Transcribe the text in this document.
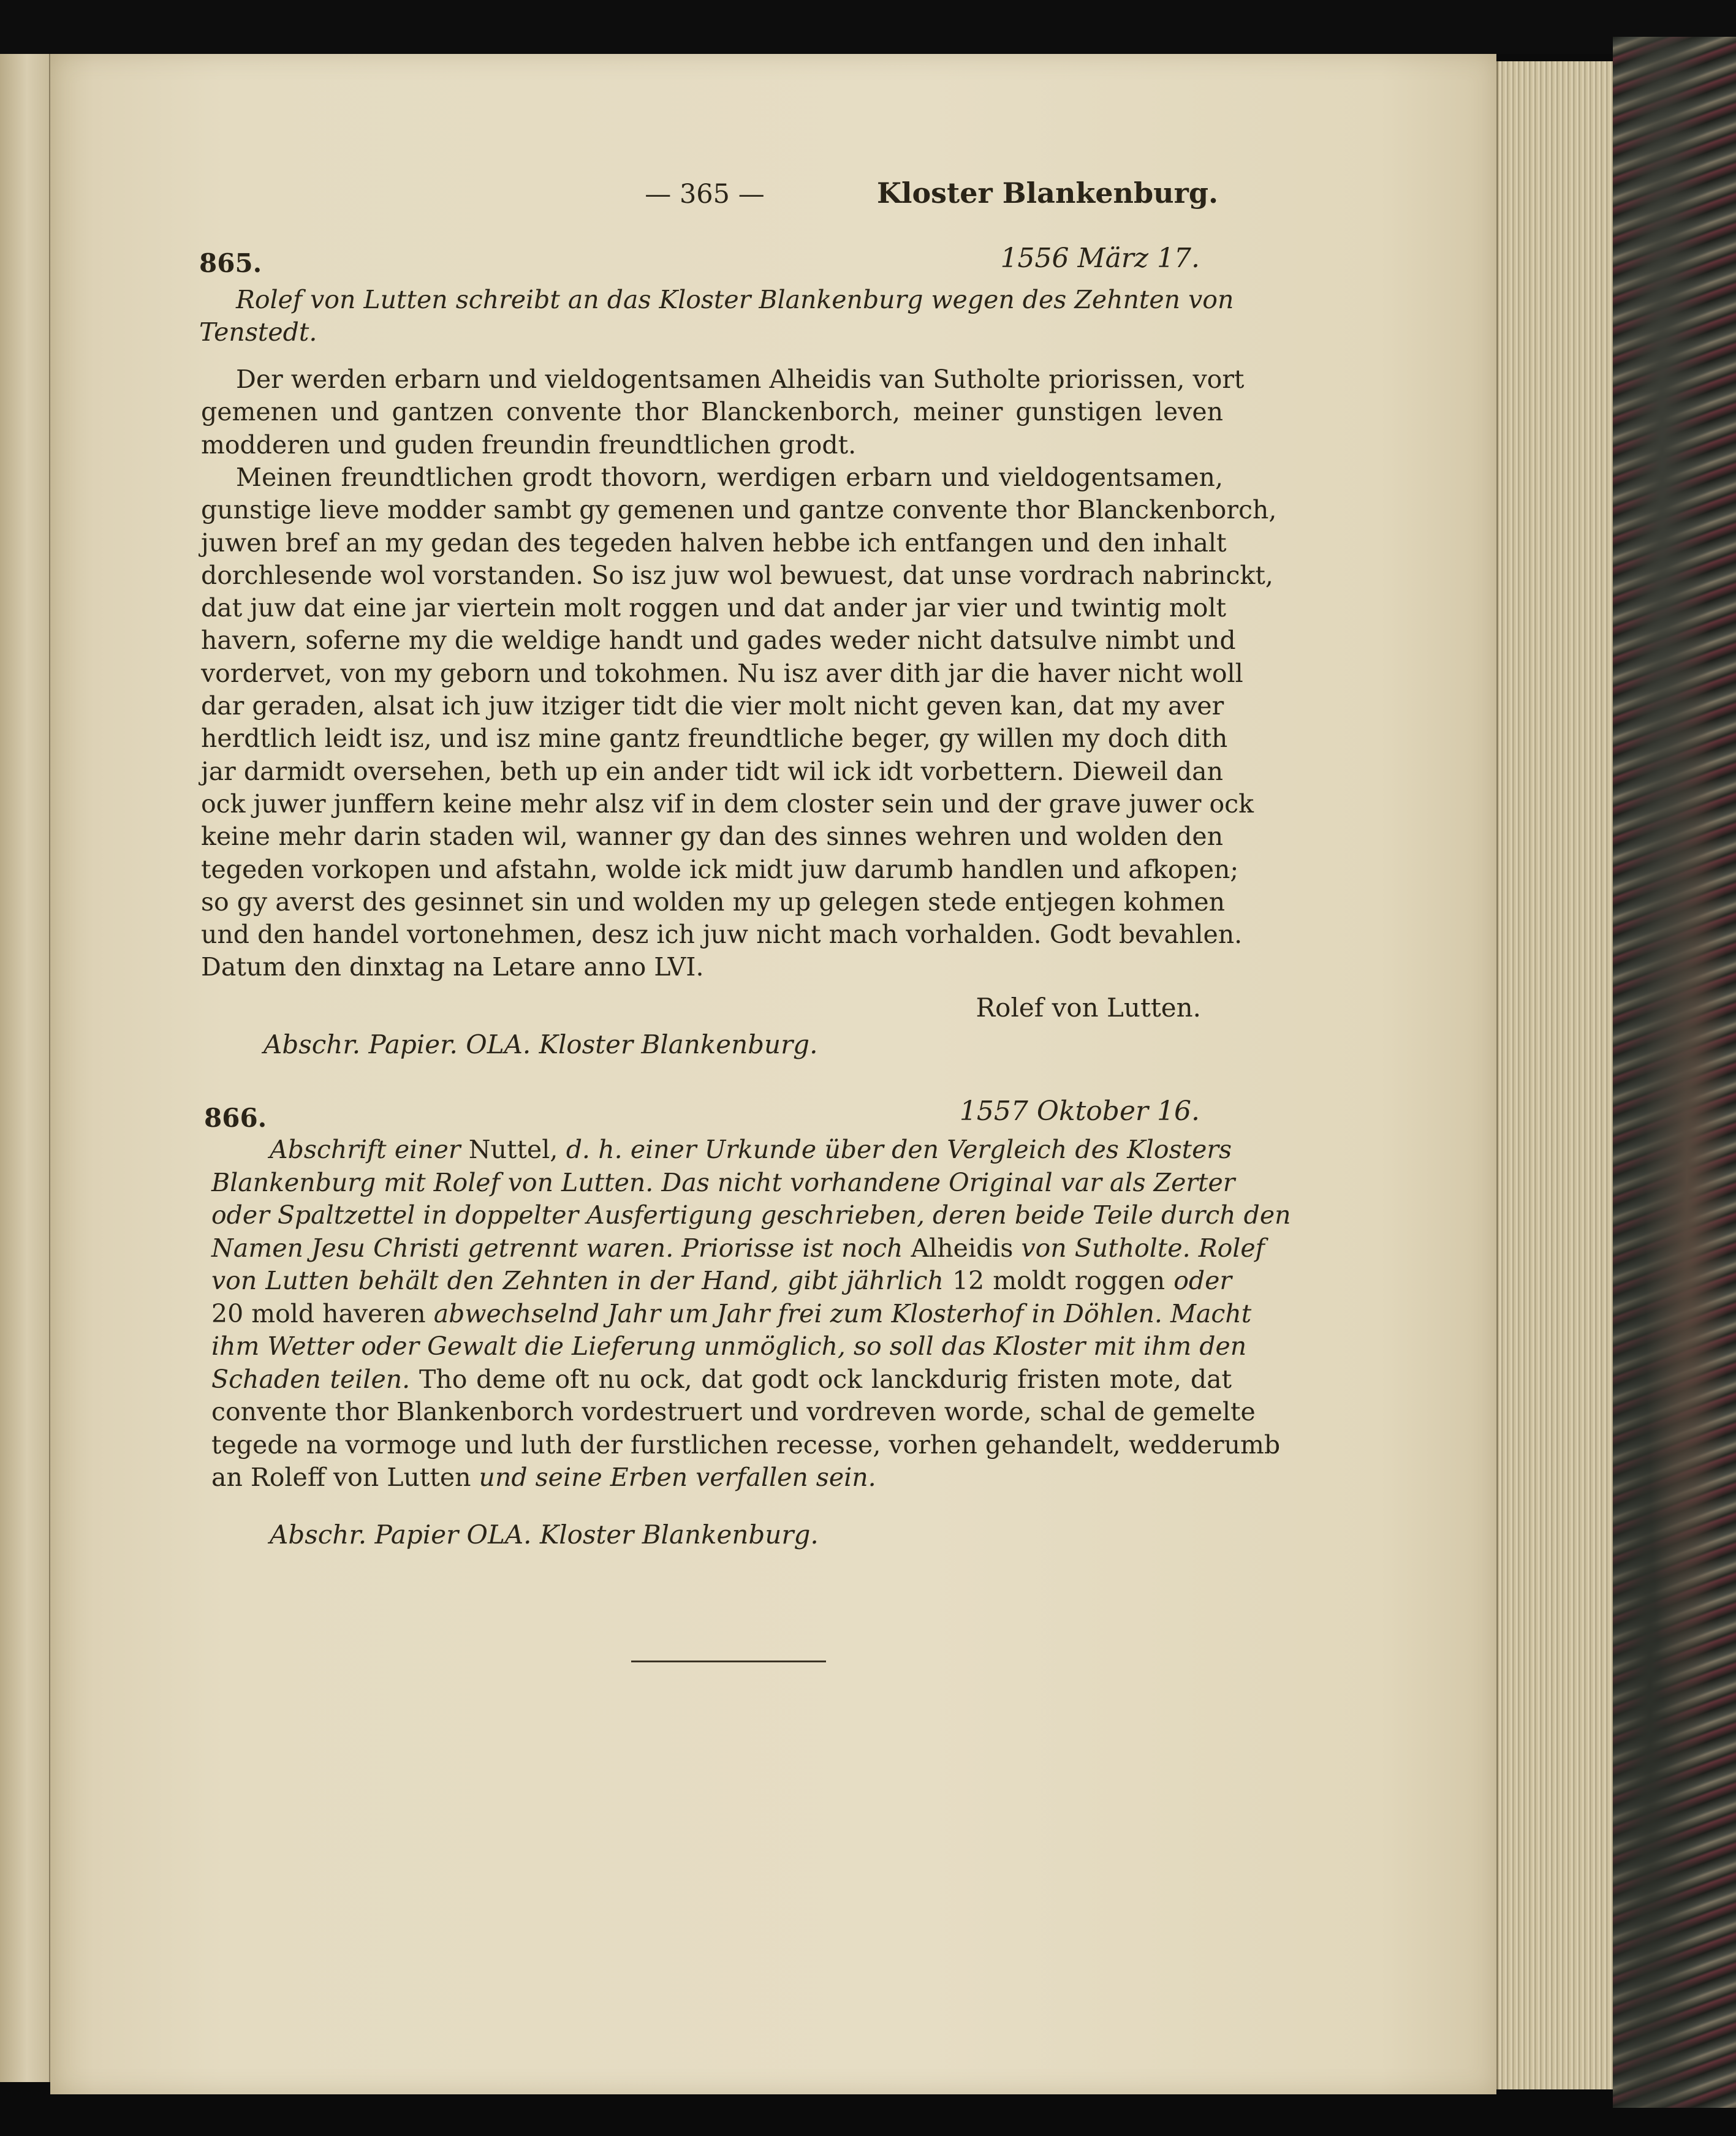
— 365 —	Kloster Blankenburg.
865.	1556 März 17.
Rolef von Lutten schreibt an das Kloster Blankenburg wegen des Zehnten von
Tenstedt.
Der werden erbarn und vieldogentsamen Alheidis van Sutholte priorissen, vort
gemenen und gantzen convente thor Blanckenborch, meiner gunstigen leven
modderen und guden freundin freundtlichen grodt.
Meinen freundtlichen grodt thovorn, werdigen erbarn und vieldogentsamen,
gunstige lieve modder sambt gy gemenen und gantze convente thor Blanckenborch,
juwen bref an my gedan des tegeden halven hebbe ich entfangen und den inhalt
dorchlesende wol vorstanden. So isz juw wol bewuest, dat unse vordrach nabrinckt,
dat juw dat eine jar viertein molt roggen und dat ander jar vier und twintig molt
havern, soferne my die weldige handt und gades weder nicht datsulve nimbt und
vordervet, von my geborn und tokohmen. Nu isz aver dith jar die haver nicht woll
dar geraden, alsat ich juw itziger tidt die vier molt nicht geven kan, dat my aver
herdtlich leidt isz, und isz mine gantz freundtliche beger, gy willen my doch dith
jar darmidt oversehen, beth up ein ander tidt wil ick idt vorbettern. Dieweil dan
ock juwer junffern keine mehr alsz vif in dem closter sein und der grave juwer ock
keine mehr darin staden wil, wanner gy dan des sinnes wehren und wolden den
tegeden vorkopen und afstahn, wolde ick midt juw darumb handlen und afkopen;
so gy averst des gesinnet sin und wolden my up gelegen stede entjegen kohmen
und den handel vortonehmen, desz ich juw nicht mach vorhalden. Godt bevahlen.
Datum den dinxtag na Letare anno LVI.
Rolef von Lutten.
Abschr. Papier. OLA. Kloster Blankenburg.
866.	1557 Oktober 16.
Abschrift einer Nuttel, d. h. einer Urkunde über den Vergleich des Klosters
Blankenburg mit Rolef von Lutten. Das nicht vorhandene Original var als Zerter
oder Spaltzettel in doppelter Ausfertigung geschrieben, deren beide Teile durch den
Namen Jesu Christi getrennt waren. Priorisse ist noch Alheidis von Sutholte. Rolef
von Lutten behält den Zehnten in der Hand, gibt jährlich 12 moldt roggen oder
20 mold haveren abwechselnd Jahr um Jahr frei zum Klosterhof in Döhlen. Macht
ihm Wetter oder Gewalt die Lieferung unmöglich, so soll das Kloster mit ihm den
Schaden teilen. Tho deme oft nu ock, dat godt ock lanckdurig fristen mote, dat
convente thor Blankenborch vordestruert und vordreven worde, schal de gemelte
tegede na vormoge und luth der furstlichen recesse, vorhen gehandelt, wedderumb
an Roleff von Lutten und seine Erben verfallen sein.
Abschr. Papier OLA. Kloster Blankenburg.
